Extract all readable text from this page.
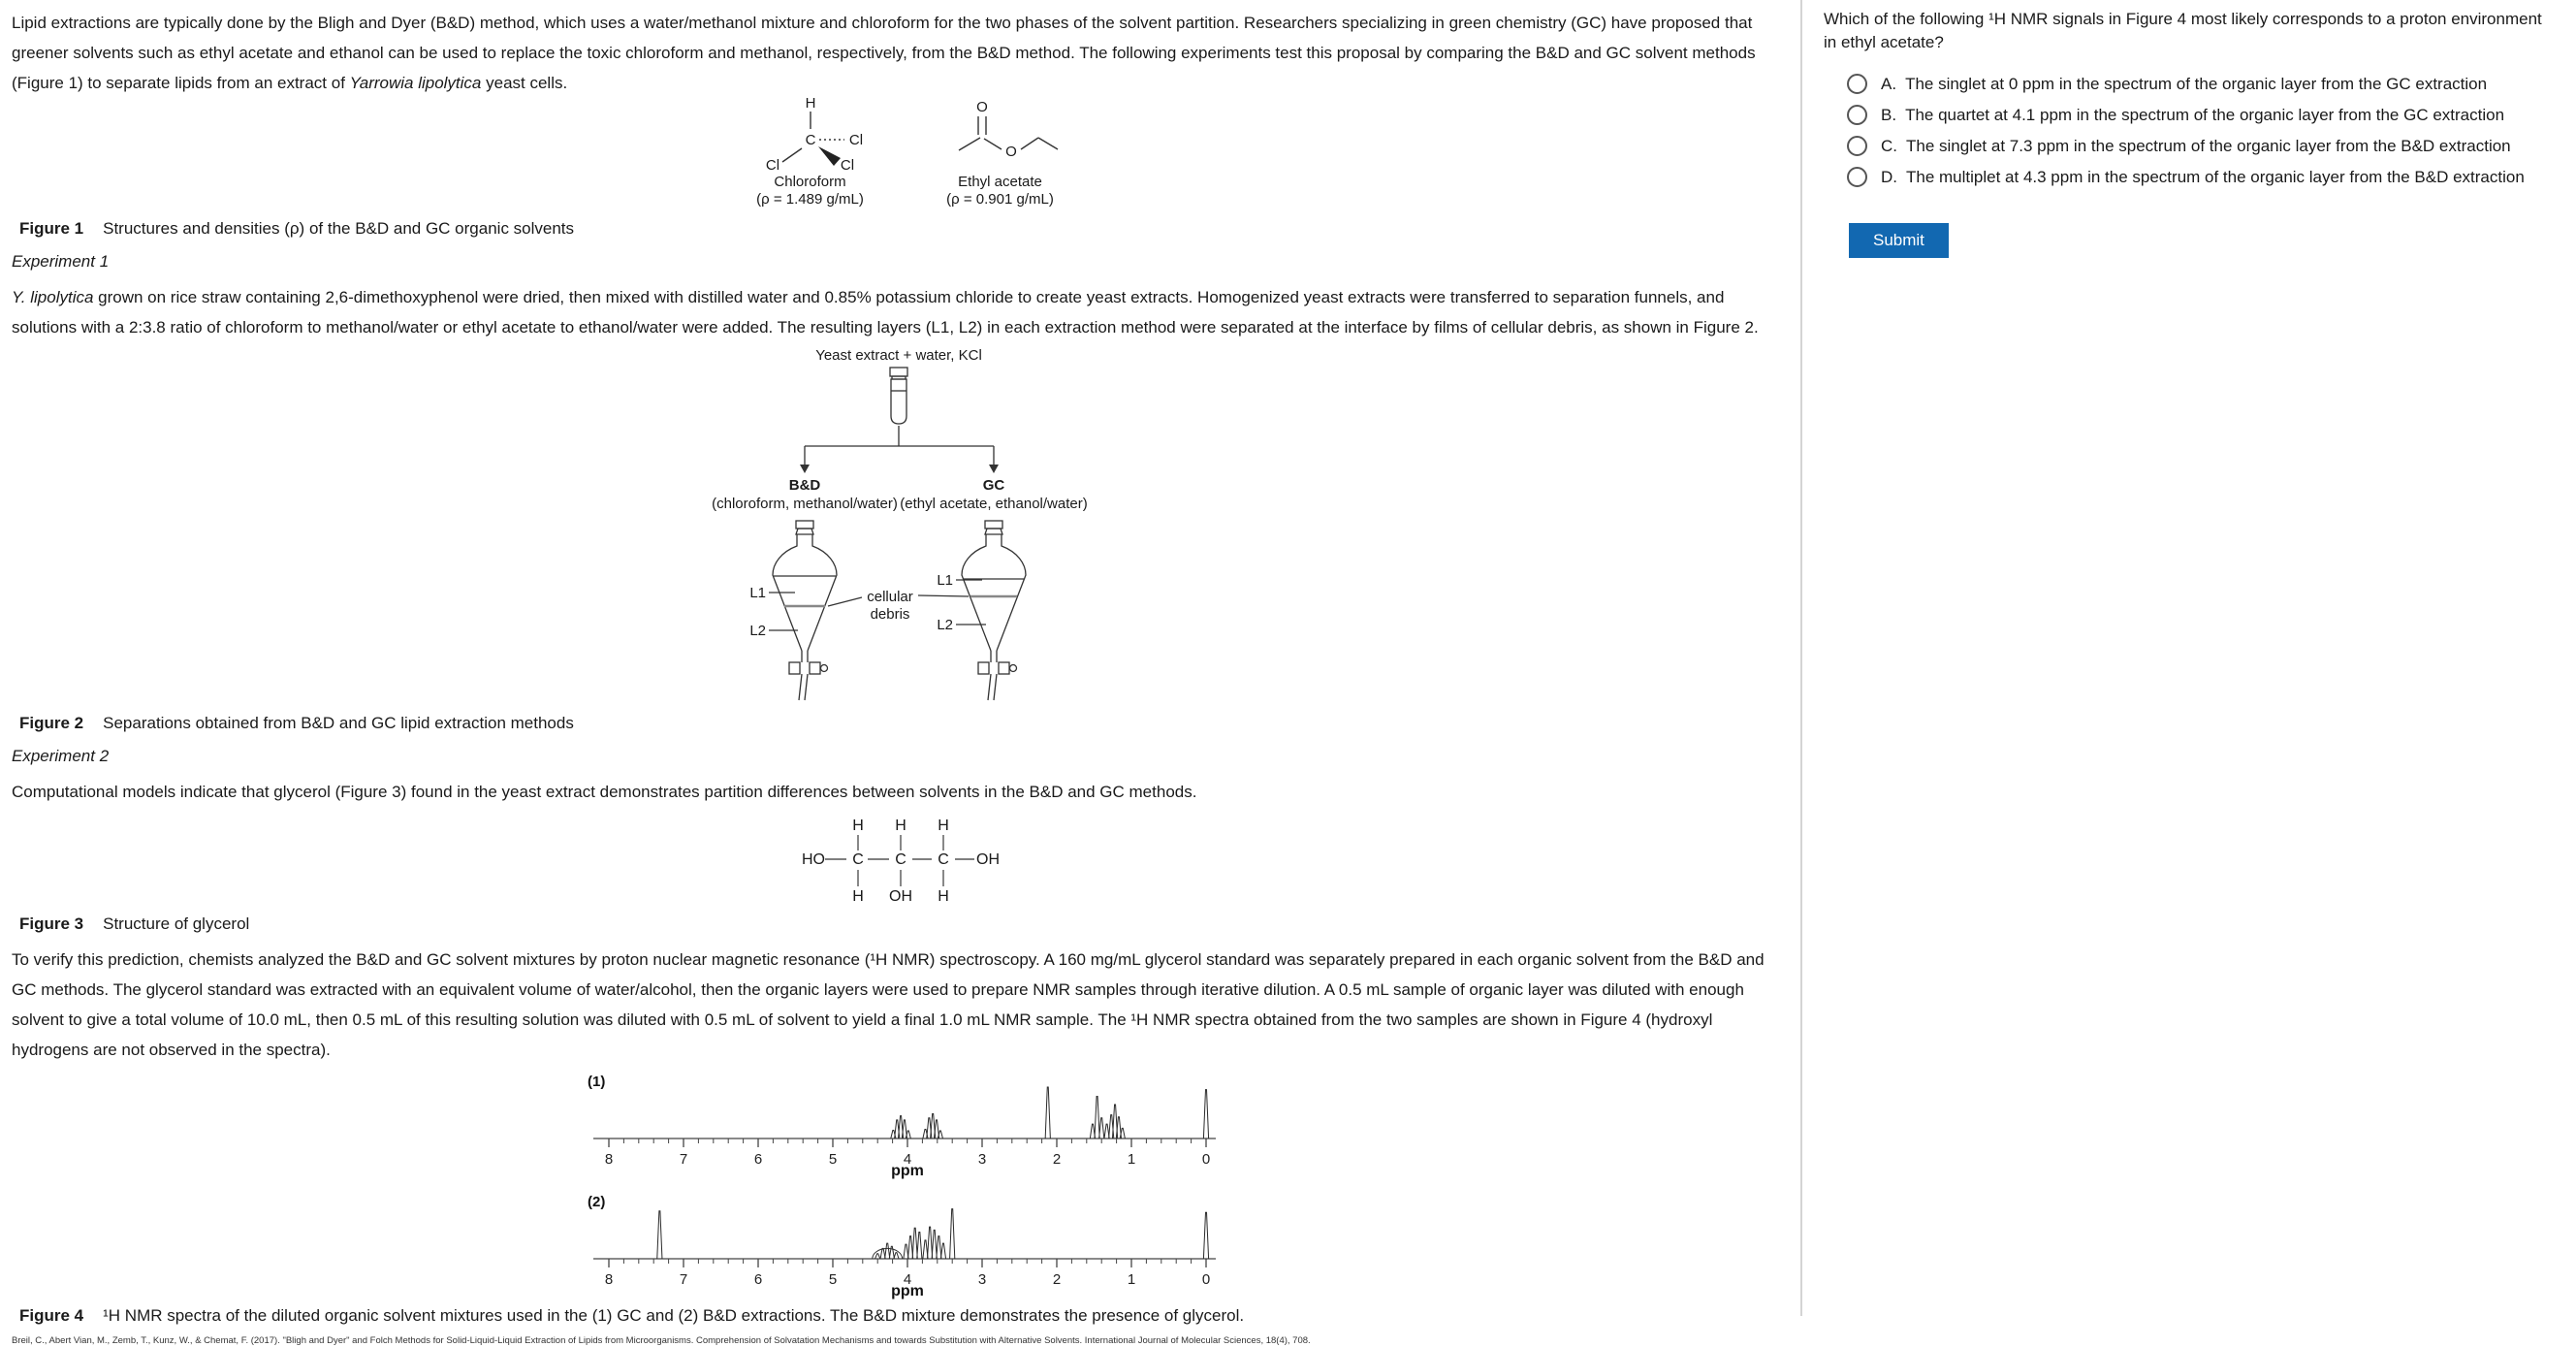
Lipid extractions are typically done by the Bligh and Dyer (B&D) method, which uses a water/methanol mixture and chloroform for the two phases of the solvent partition. Researchers specializing in green chemistry (GC) have proposed that greener solvents such as ethyl acetate and ethanol can be used to replace the toxic chloroform and methanol, respectively, from the B&D method. The following experiments test this proposal by comparing the B&D and GC solvent methods (Figure 1) to separate lipids from an extract of Yarrowia lipolytica yeast cells.

H
C Cl
Cl	Cl
Chloroform
(ρ = 1.489 g/mL)
O
O
Ethyl acetate
(ρ = 0.901 g/mL)

Figure 1 Structures and densities (ρ) of the B&D and GC organic solvents

Experiment 1

Y. lipolytica grown on rice straw containing 2,6-dimethoxyphenol were dried, then mixed with distilled water and 0.85% potassium chloride to create yeast extracts. Homogenized yeast extracts were transferred to separation funnels, and solutions with a 2:3.8 ratio of chloroform to methanol/water or ethyl acetate to ethanol/water were added. The resulting layers (L1, L2) in each extraction method were separated at the interface by films of cellular debris, as shown in Figure 2.

Yeast extract + water, KCl
B&D
(chloroform, methanol/water)
GC
(ethyl acetate, ethanol/water)
L1
L2
L1
L2
cellular
debris

Figure 2 Separations obtained from B&D and GC lipid extraction methods

Experiment 2

Computational models indicate that glycerol (Figure 3) found in the yeast extract demonstrates partition differences between solvents in the B&D and GC methods.

HO C C C OH
H H H
H OH H

Figure 3 Structure of glycerol

To verify this prediction, chemists analyzed the B&D and GC solvent mixtures by proton nuclear magnetic resonance (¹H NMR) spectroscopy. A 160 mg/mL glycerol standard was separately prepared in each organic solvent from the B&D and GC methods. The glycerol standard was extracted with an equivalent volume of water/alcohol, then the organic layers were used to prepare NMR samples through iterative dilution. A 0.5 mL sample of organic layer was diluted with enough solvent to give a total volume of 10.0 mL, then 0.5 mL of this resulting solution was diluted with 0.5 mL of solvent to yield a final 1.0 mL NMR sample. The ¹H NMR spectra obtained from the two samples are shown in Figure 4 (hydroxyl hydrogens are not observed in the spectra).

8	7	6	5	4	3	2	1	0
(1)
ppm
8	7	6	5	4	3	2	1	0
(2)
ppm

Figure 4 ¹H NMR spectra of the diluted organic solvent mixtures used in the (1) GC and (2) B&D extractions. The B&D mixture demonstrates the presence of glycerol.

Breil, C., Abert Vian, M., Zemb, T., Kunz, W., & Chemat, F. (2017). "Bligh and Dyer" and Folch Methods for Solid-Liquid-Liquid Extraction of Lipids from Microorganisms. Comprehension of Solvatation Mechanisms and towards Substitution with Alternative Solvents. International Journal of Molecular Sciences, 18(4), 708.

Which of the following ¹H NMR signals in Figure 4 most likely corresponds to a proton environment in ethyl acetate?

A. The singlet at 0 ppm in the spectrum of the organic layer from the GC extraction
B. The quartet at 4.1 ppm in the spectrum of the organic layer from the GC extraction
C. The singlet at 7.3 ppm in the spectrum of the organic layer from the B&D extraction
D. The multiplet at 4.3 ppm in the spectrum of the organic layer from the B&D extraction
Submit
